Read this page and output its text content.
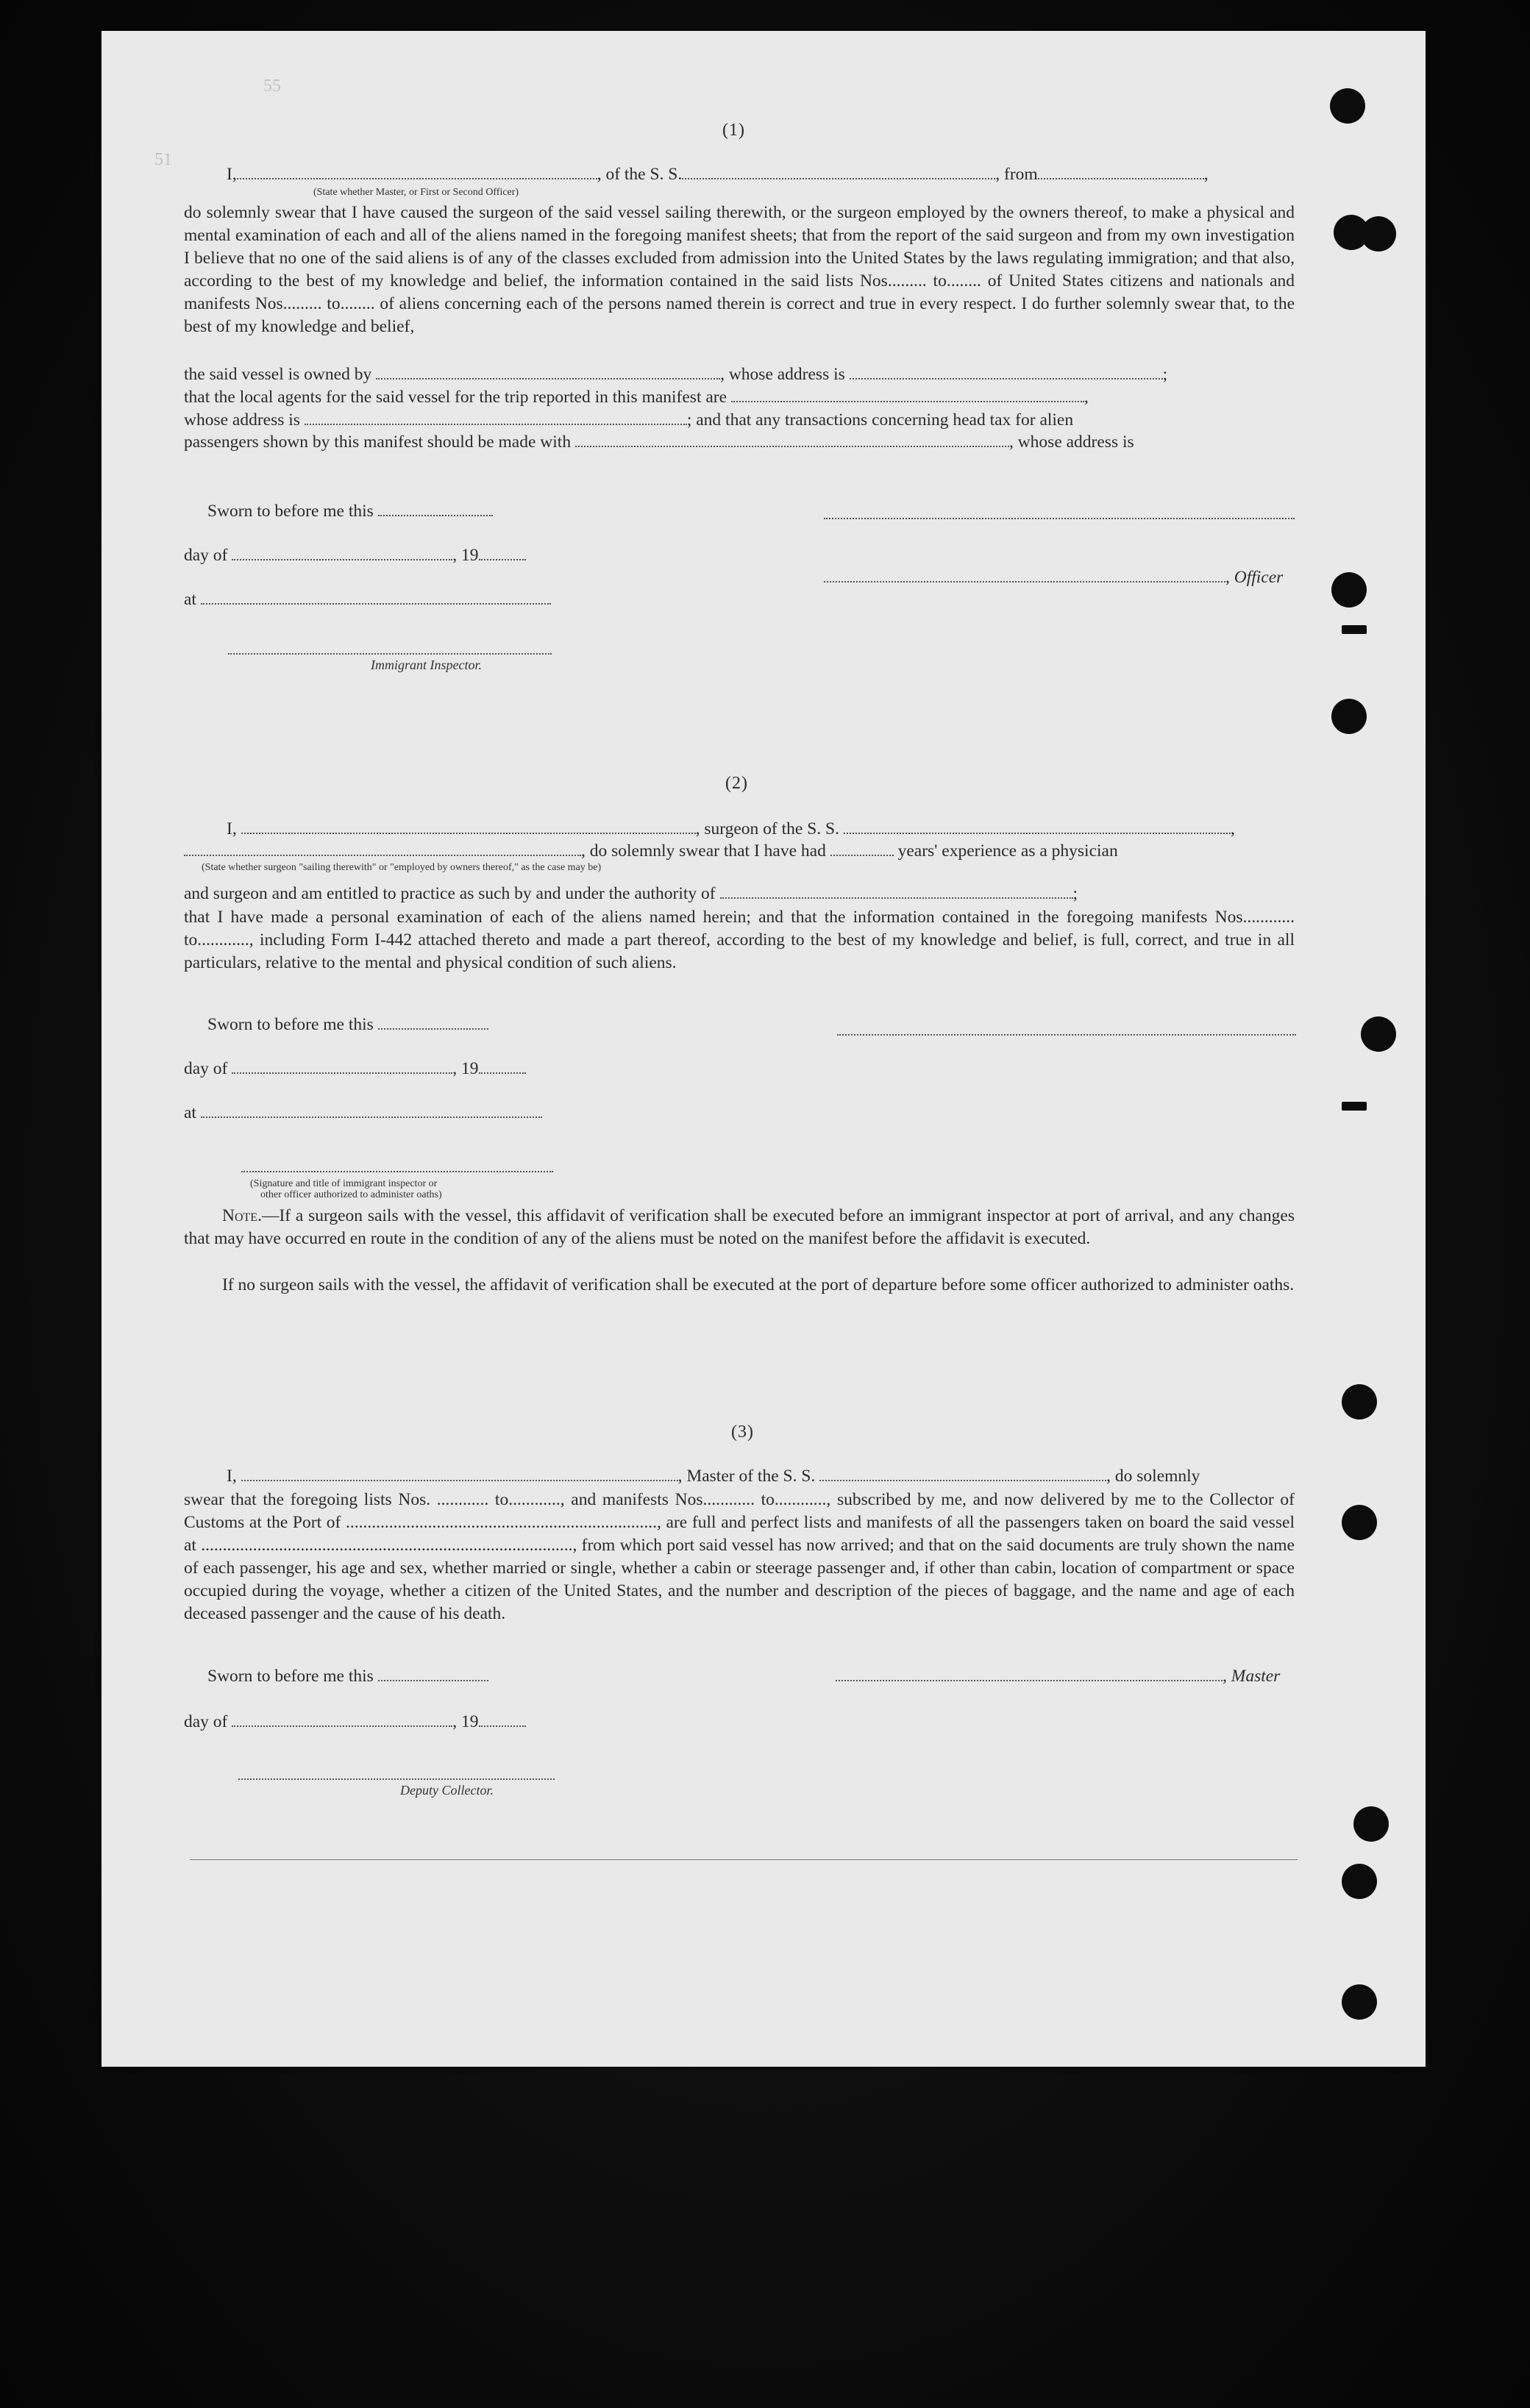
51
55
(1)
I,	, of the S. S.	, from	,
(State whether Master, or First or Second Officer)
do solemnly swear that I have caused the surgeon of the said vessel sailing therewith, or the surgeon employed by the owners thereof, to make a physical and mental examination of each and all of the aliens named in the foregoing manifest sheets; that from the report of the said surgeon and from my own investigation I believe that no one of the said aliens is of any of the classes excluded from admission into the United States by the laws regulating immigration; and that also, according to the best of my knowledge and belief, the information contained in the said lists Nos......... to........ of United States citizens and nationals and manifests Nos......... to........ of aliens concerning each of the persons named therein is correct and true in every respect. I do further solemnly swear that, to the best of my knowledge and belief,
the said vessel is owned by	, whose address is	;
that the local agents for the said vessel for the trip reported in this manifest are	,
whose address is	; and that any transactions concerning head tax for alien
passengers shown by this manifest should be made with	, whose address is
Sworn to before me this
day of	, 19
, Officer
at
Immigrant Inspector.
(2)
I,	, surgeon of the S. S.	,
, do solemnly swear that I have had	years' experience as a physician
(State whether surgeon "sailing therewith" or "employed by owners thereof," as the case may be)
and surgeon and am entitled to practice as such by and under the authority of	;
that I have made a personal examination of each of the aliens named herein; and that the information contained in the foregoing manifests Nos............ to............, including Form I-442 attached thereto and made a part thereof, according to the best of my knowledge and belief, is full, correct, and true in all particulars, relative to the mental and physical condition of such aliens.
Sworn to before me this
day of	, 19
at
(Signature and title of immigrant inspector or
other officer authorized to administer oaths)
Note.—If a surgeon sails with the vessel, this affidavit of verification shall be executed before an immigrant inspector at port of arrival, and any changes that may have occurred en route in the condition of any of the aliens must be noted on the manifest before the affidavit is executed.
If no surgeon sails with the vessel, the affidavit of verification shall be executed at the port of departure before some officer authorized to administer oaths.
(3)
I,	, Master of the S. S.	, do solemnly
swear that the foregoing lists Nos. ............ to............, and manifests Nos............ to............, subscribed by me, and now delivered by me to the Collector of Customs at the Port of ........................................................................, are full and perfect lists and manifests of all the passengers taken on board the said vessel at ......................................................................................, from which port said vessel has now arrived; and that on the said documents are truly shown the name of each passenger, his age and sex, whether married or single, whether a cabin or steerage passenger and, if other than cabin, location of compartment or space occupied during the voyage, whether a citizen of the United States, and the number and description of the pieces of baggage, and the name and age of each deceased passenger and the cause of his death.
Sworn to before me this	, Master
day of	, 19
Deputy Collector.
